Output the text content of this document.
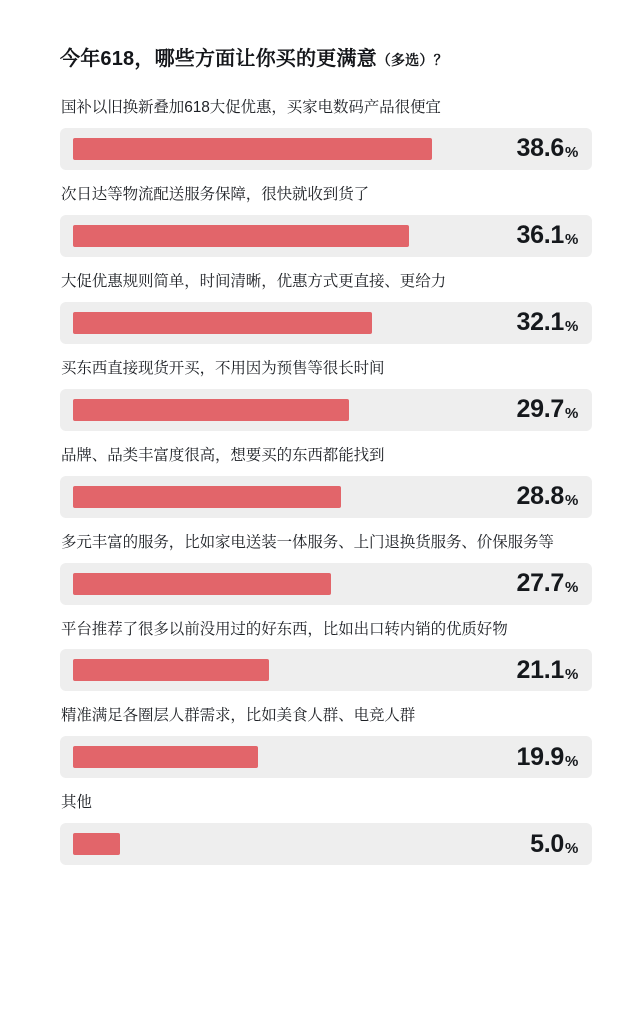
今年618，哪些方面让你买的更满意（多选）？
国补以旧换新叠加618大促优惠，买家电数码产品很便宜
38.6 %
次日达等物流配送服务保障，很快就收到货了
36.1 %
大促优惠规则简单，时间清晰，优惠方式更直接、更给力
32.1 %
买东西直接现货开买，不用因为预售等很长时间
29.7 %
品牌、品类丰富度很高，想要买的东西都能找到
28.8 %
多元丰富的服务，比如家电送装一体服务、上门退换货服务、价保服务等
27.7 %
平台推荐了很多以前没用过的好东西，比如出口转内销的优质好物
21.1 %
精准满足各圈层人群需求，比如美食人群、电竞人群
19.9 %
其他
5.0 %
